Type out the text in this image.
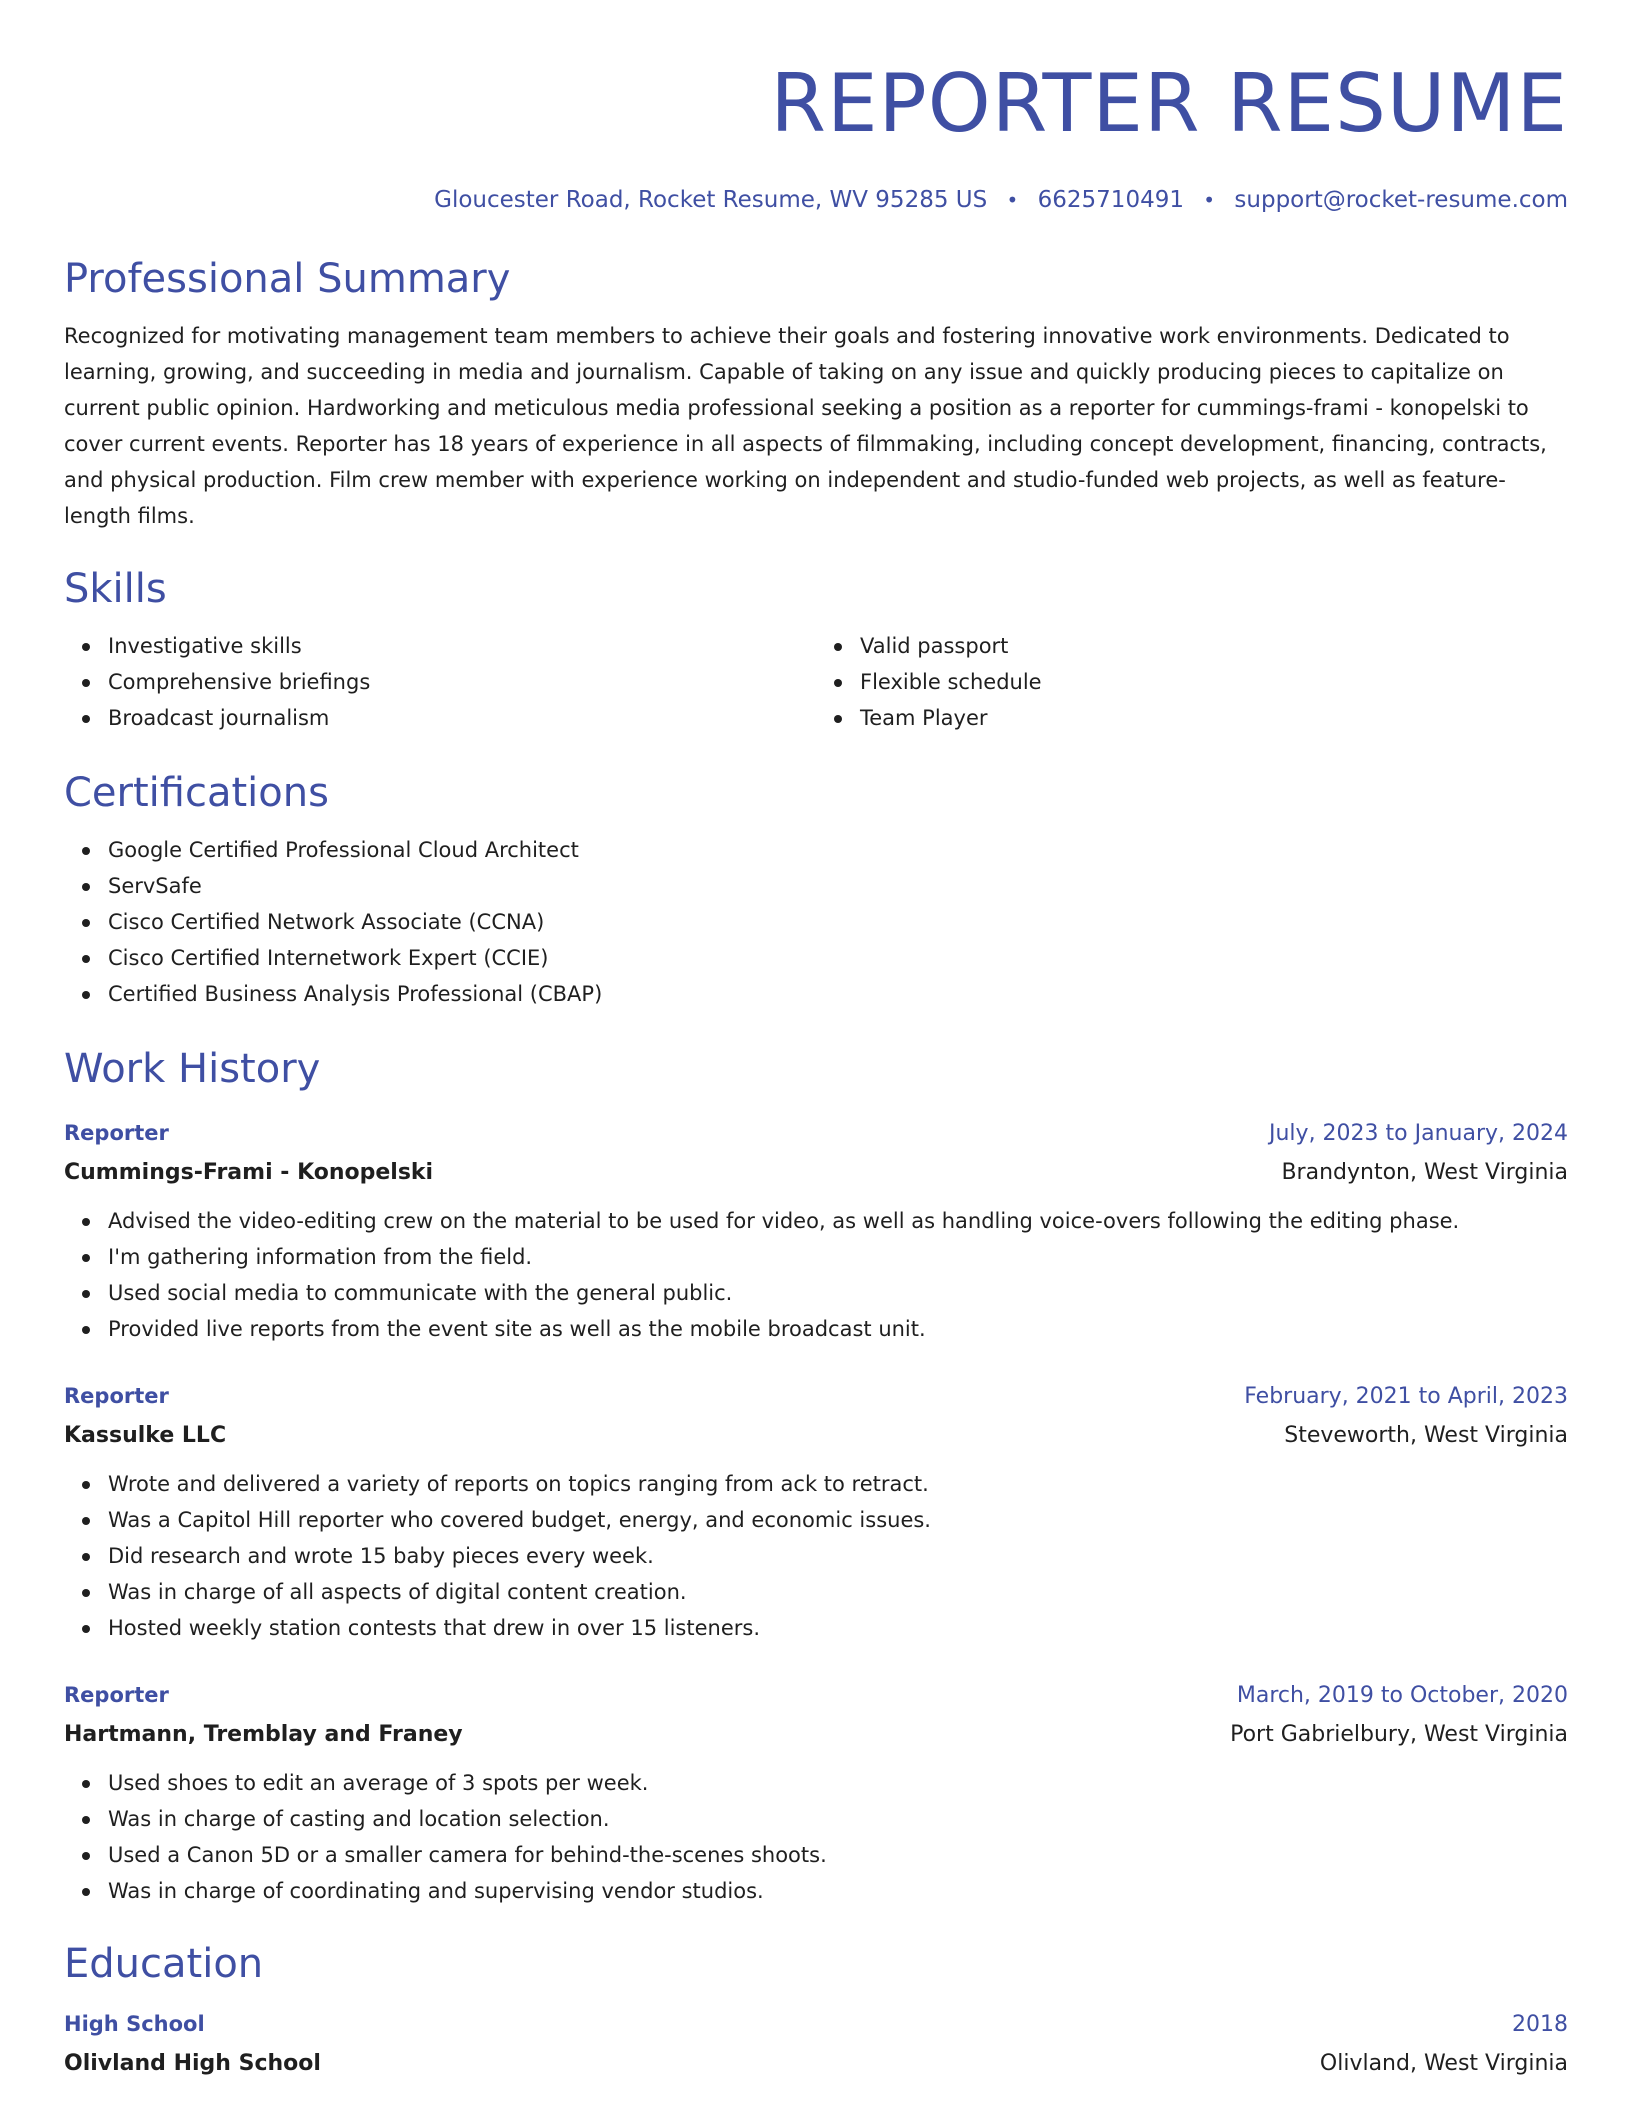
REPORTER RESUME
Gloucester Road, Rocket Resume, WV 95285 US • 6625710491 • support@rocket-resume.com
Professional Summary
Recognized for motivating management team members to achieve their goals and fostering innovative work environments. Dedicated to learning, growing, and succeeding in media and journalism. Capable of taking on any issue and quickly producing pieces to capitalize on current public opinion. Hardworking and meticulous media professional seeking a position as a reporter for cummings-frami - konopelski to cover current events. Reporter has 18 years of experience in all aspects of filmmaking, including concept development, financing, contracts, and physical production. Film crew member with experience working on independent and studio-funded web projects, as well as feature-length films.
Skills
Investigative skills
Comprehensive briefings
Broadcast journalism
Valid passport
Flexible schedule
Team Player
Certifications
Google Certified Professional Cloud Architect
ServSafe
Cisco Certified Network Associate (CCNA)
Cisco Certified Internetwork Expert (CCIE)
Certified Business Analysis Professional (CBAP)
Work History
Reporter	July, 2023 to January, 2024
Cummings-Frami - Konopelski	Brandynton, West Virginia
Advised the video-editing crew on the material to be used for video, as well as handling voice-overs following the editing phase.
I'm gathering information from the field.
Used social media to communicate with the general public.
Provided live reports from the event site as well as the mobile broadcast unit.
Reporter	February, 2021 to April, 2023
Kassulke LLC	Steveworth, West Virginia
Wrote and delivered a variety of reports on topics ranging from ack to retract.
Was a Capitol Hill reporter who covered budget, energy, and economic issues.
Did research and wrote 15 baby pieces every week.
Was in charge of all aspects of digital content creation.
Hosted weekly station contests that drew in over 15 listeners.
Reporter	March, 2019 to October, 2020
Hartmann, Tremblay and Franey	Port Gabrielbury, West Virginia
Used shoes to edit an average of 3 spots per week.
Was in charge of casting and location selection.
Used a Canon 5D or a smaller camera for behind-the-scenes shoots.
Was in charge of coordinating and supervising vendor studios.
Education
High School	2018
Olivland High School	Olivland, West Virginia
